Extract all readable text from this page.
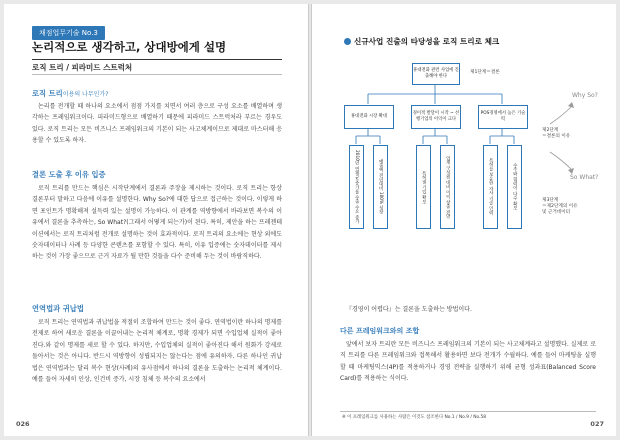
채점업무기술 No.3
논리적으로 생각하고, 상대방에게 설명
로직 트리 / 피라미드 스트럭처
로직 트리이용의 나무인가?
논리를 전개할 때 하나의 요소에서 점점 가지를 치면서 여러 층으로 구성 요소를 배열하며 생각하는 프레임워크이다. 피라미드형으로 배열하기 때문에 피라미드 스트럭처라 부르는 경우도 있다. 로직 트리는 모든 비즈니스 프레임워크의 기본이 되는 사고체계이므로 제대로 마스터해 응용할 수 있도록 하자.
결론 도출 후 이유 입증
로직 트리를 만드는 핵심은 시작단계에서 결론과 주장을 제시하는 것이다. 로직 트리는 항상 결론부터 말하고 다음에 이유를 설명한다. Why So?에 대한 답으로 접근하는 것이다. 이렇게 하면 포인트가 명확해져 설득력 있는 설명이 가능하다. 이 관계를 역방향에서 바라보면 복수의 이유에서 결론을 추측하는, So What?(그래서 어떻게 되는가)이 된다. 특히, 제안을 하는 프레젠테이션에서는 로직 트리처럼 전개로 설명하는 것이 효과적이다. 로직 트리의 요소에는 현상 외에도 숫자데이터나 사례 등 다양한 콘텐츠를 포함할 수 있다. 특히, 이유 입증에는 숫자데이터를 제시하는 것이 가장 좋으므로 근거 자료가 될 만한 것들을 다수 준비해 두는 것이 바람직하다.
연역법과 귀납법
로직 트리는 연역법과 귀납법을 적절히 조합하여 만드는 것이 좋다. 연역법이란 하나의 명제를 전제로 하여 새로운 결론을 이끌어내는 논리적 체계로, 명확 경제가 되면 수입업체 실적이 좋아진다.와 같이 명제를 세로 할 수 있다. 하지만, 수입업체의 실적이 좋아진다 해서 원화가 강세로 돌아서는 것은 아니다. 반드시 역방향이 성립되지는 않는다는 점에 유의하자. 다른 하나인 귀납법은 연역법과는 달리 복수 현상(사례)의 유사점에서 하나의 결론을 도출하는 논리적 체계이다. 예를 들어 자세히 인상, 인건비 증가, 시장 침체 등 복수의 요소에서
026
신규사업 진출의 타당성을 로직 트리로 체크
휴대전화 관련 사업에 진출해야 한다
제1단계＝결론
휴대전화 시장 확대
경이적 발달이 시작 ~ 선행기업의 이익이 크다
POS경영에서 높은 기술력
2010년 연평균 증가율 수출 수요 증가	매출액 전년대비 100% 성장	특허권 기업 확보	업계 구성원 대비 이익 창출 전망	특허를 보유한 자사 기술 인력	수주와 협력이 다수 확보
Why So?
제2단계
＝결론의 이유
So What?
제3단계
＝제2단계의 이유
및 근거데이터
『경영이 어렵다』는 결론을 도출하는 방법이다.
다른 프레임워크와의 조합
앞에서 보자 트리란 모든 비즈니스 프레임워크의 기본이 되는 사고체계라고 설명했다. 실제로 로직 트리를 다른 프레임워크와 접목해서 활용하면 보다 전개가 수월하다. 예를 들어 마케팅을 실행할 때 마케팅믹스(4P)를 적용하거나 경영 전략을 실행하기 위해 균형 성과표(Balanced Score Card)를 적용하는 식이다.
※ 이 프레임워크를 사용하는 사람은 이것도 참조한다 No.1 / No.9 / No.58
027
